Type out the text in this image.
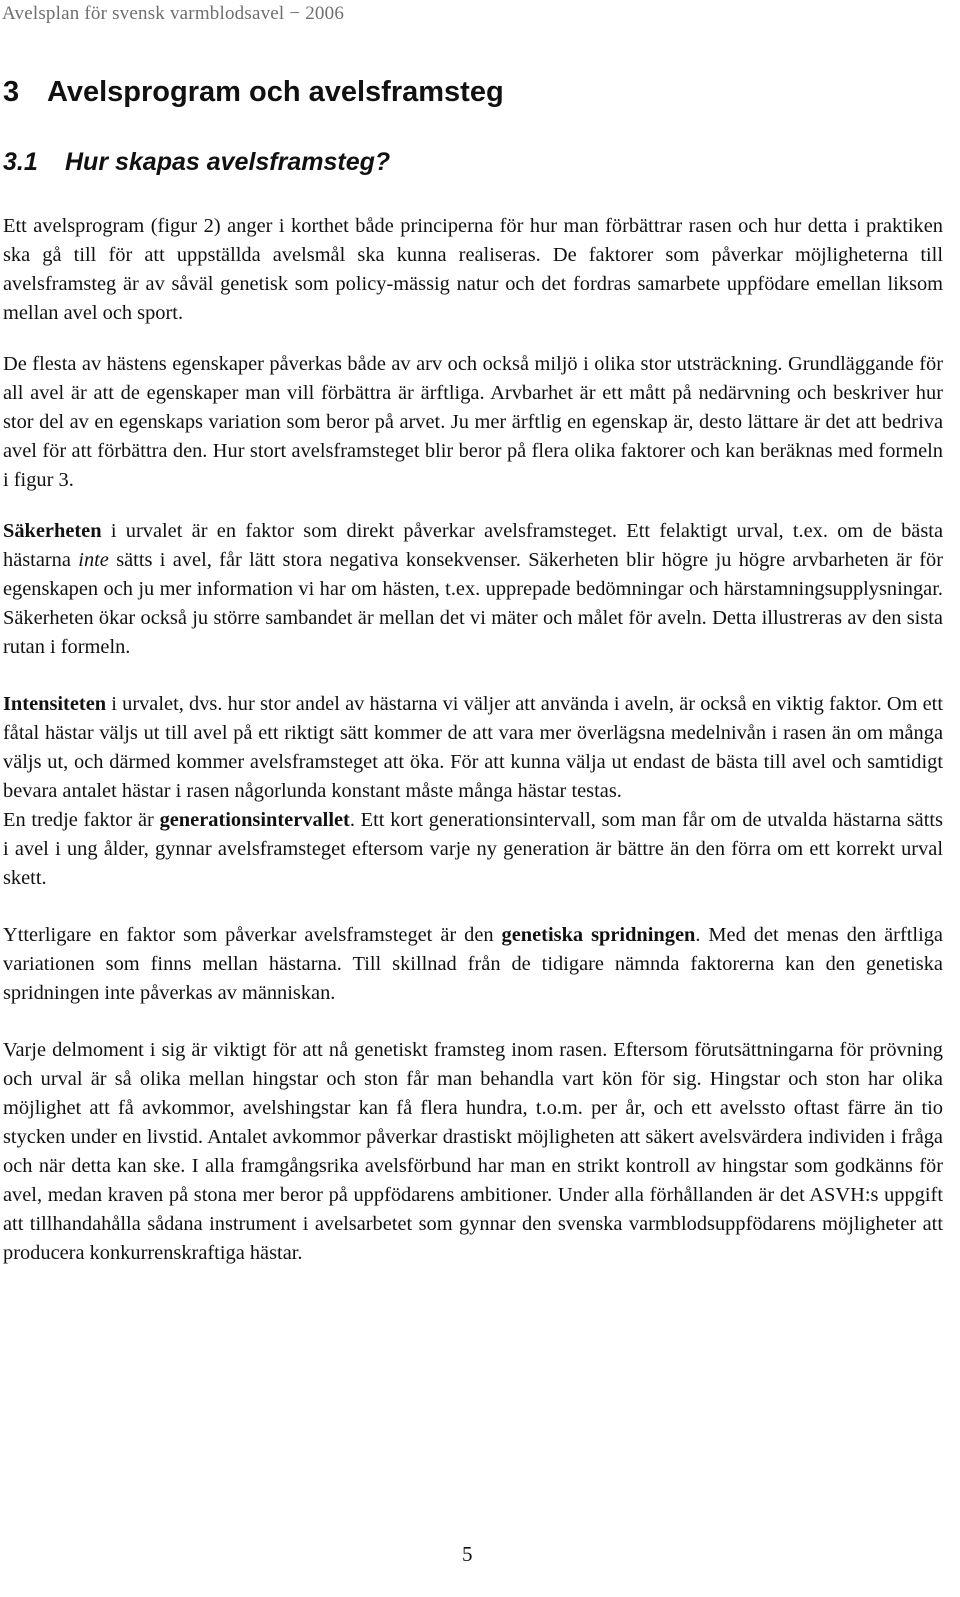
Avelsplan för svensk varmblodsavel − 2006
3 Avelsprogram och avelsframsteg
3.1 Hur skapas avelsframsteg?

Ett avelsprogram (figur 2) anger i korthet både principerna för hur man förbättrar rasen och hur detta i praktiken ska gå till för att uppställda avelsmål ska kunna realiseras. De faktorer som påverkar möjligheterna till avelsframsteg är av såväl genetisk som policy-mässig natur och det fordras samarbete uppfödare emellan liksom mellan avel och sport.

De flesta av hästens egenskaper påverkas både av arv och också miljö i olika stor utsträckning. Grundläggande för all avel är att de egenskaper man vill förbättra är ärftliga. Arvbarhet är ett mått på nedärvning och beskriver hur stor del av en egenskaps variation som beror på arvet. Ju mer ärftlig en egenskap är, desto lättare är det att bedriva avel för att förbättra den. Hur stort avelsframsteget blir beror på flera olika faktorer och kan beräknas med formeln i figur 3.

Säkerheten i urvalet är en faktor som direkt påverkar avelsframsteget. Ett felaktigt urval, t.ex. om de bästa hästarna inte sätts i avel, får lätt stora negativa konsekvenser. Säkerheten blir högre ju högre arvbarheten är för egenskapen och ju mer information vi har om hästen, t.ex. upprepade bedömningar och härstamningsupplysningar. Säkerheten ökar också ju större sambandet är mellan det vi mäter och målet för aveln. Detta illustreras av den sista rutan i formeln.

Intensiteten i urvalet, dvs. hur stor andel av hästarna vi väljer att använda i aveln, är också en viktig faktor. Om ett fåtal hästar väljs ut till avel på ett riktigt sätt kommer de att vara mer överlägsna medelnivån i rasen än om många väljs ut, och därmed kommer avelsframsteget att öka. För att kunna välja ut endast de bästa till avel och samtidigt bevara antalet hästar i rasen någorlunda konstant måste många hästar testas.

En tredje faktor är generationsintervallet. Ett kort generationsintervall, som man får om de utvalda hästarna sätts i avel i ung ålder, gynnar avelsframsteget eftersom varje ny generation är bättre än den förra om ett korrekt urval skett.

Ytterligare en faktor som påverkar avelsframsteget är den genetiska spridningen. Med det menas den ärftliga variationen som finns mellan hästarna. Till skillnad från de tidigare nämnda faktorerna kan den genetiska spridningen inte påverkas av människan.

Varje delmoment i sig är viktigt för att nå genetiskt framsteg inom rasen. Eftersom förutsättningarna för prövning och urval är så olika mellan hingstar och ston får man behandla vart kön för sig. Hingstar och ston har olika möjlighet att få avkommor, avelshingstar kan få flera hundra, t.o.m. per år, och ett avelssto oftast färre än tio stycken under en livstid. Antalet avkommor påverkar drastiskt möjligheten att säkert avelsvärdera individen i fråga och när detta kan ske. I alla framgångsrika avelsförbund har man en strikt kontroll av hingstar som godkänns för avel, medan kraven på stona mer beror på uppfödarens ambitioner. Under alla förhållanden är det ASVH:s uppgift att tillhandahålla sådana instrument i avelsarbetet som gynnar den svenska varmblodsuppfödarens möjligheter att producera konkurrenskraftiga hästar.

5
